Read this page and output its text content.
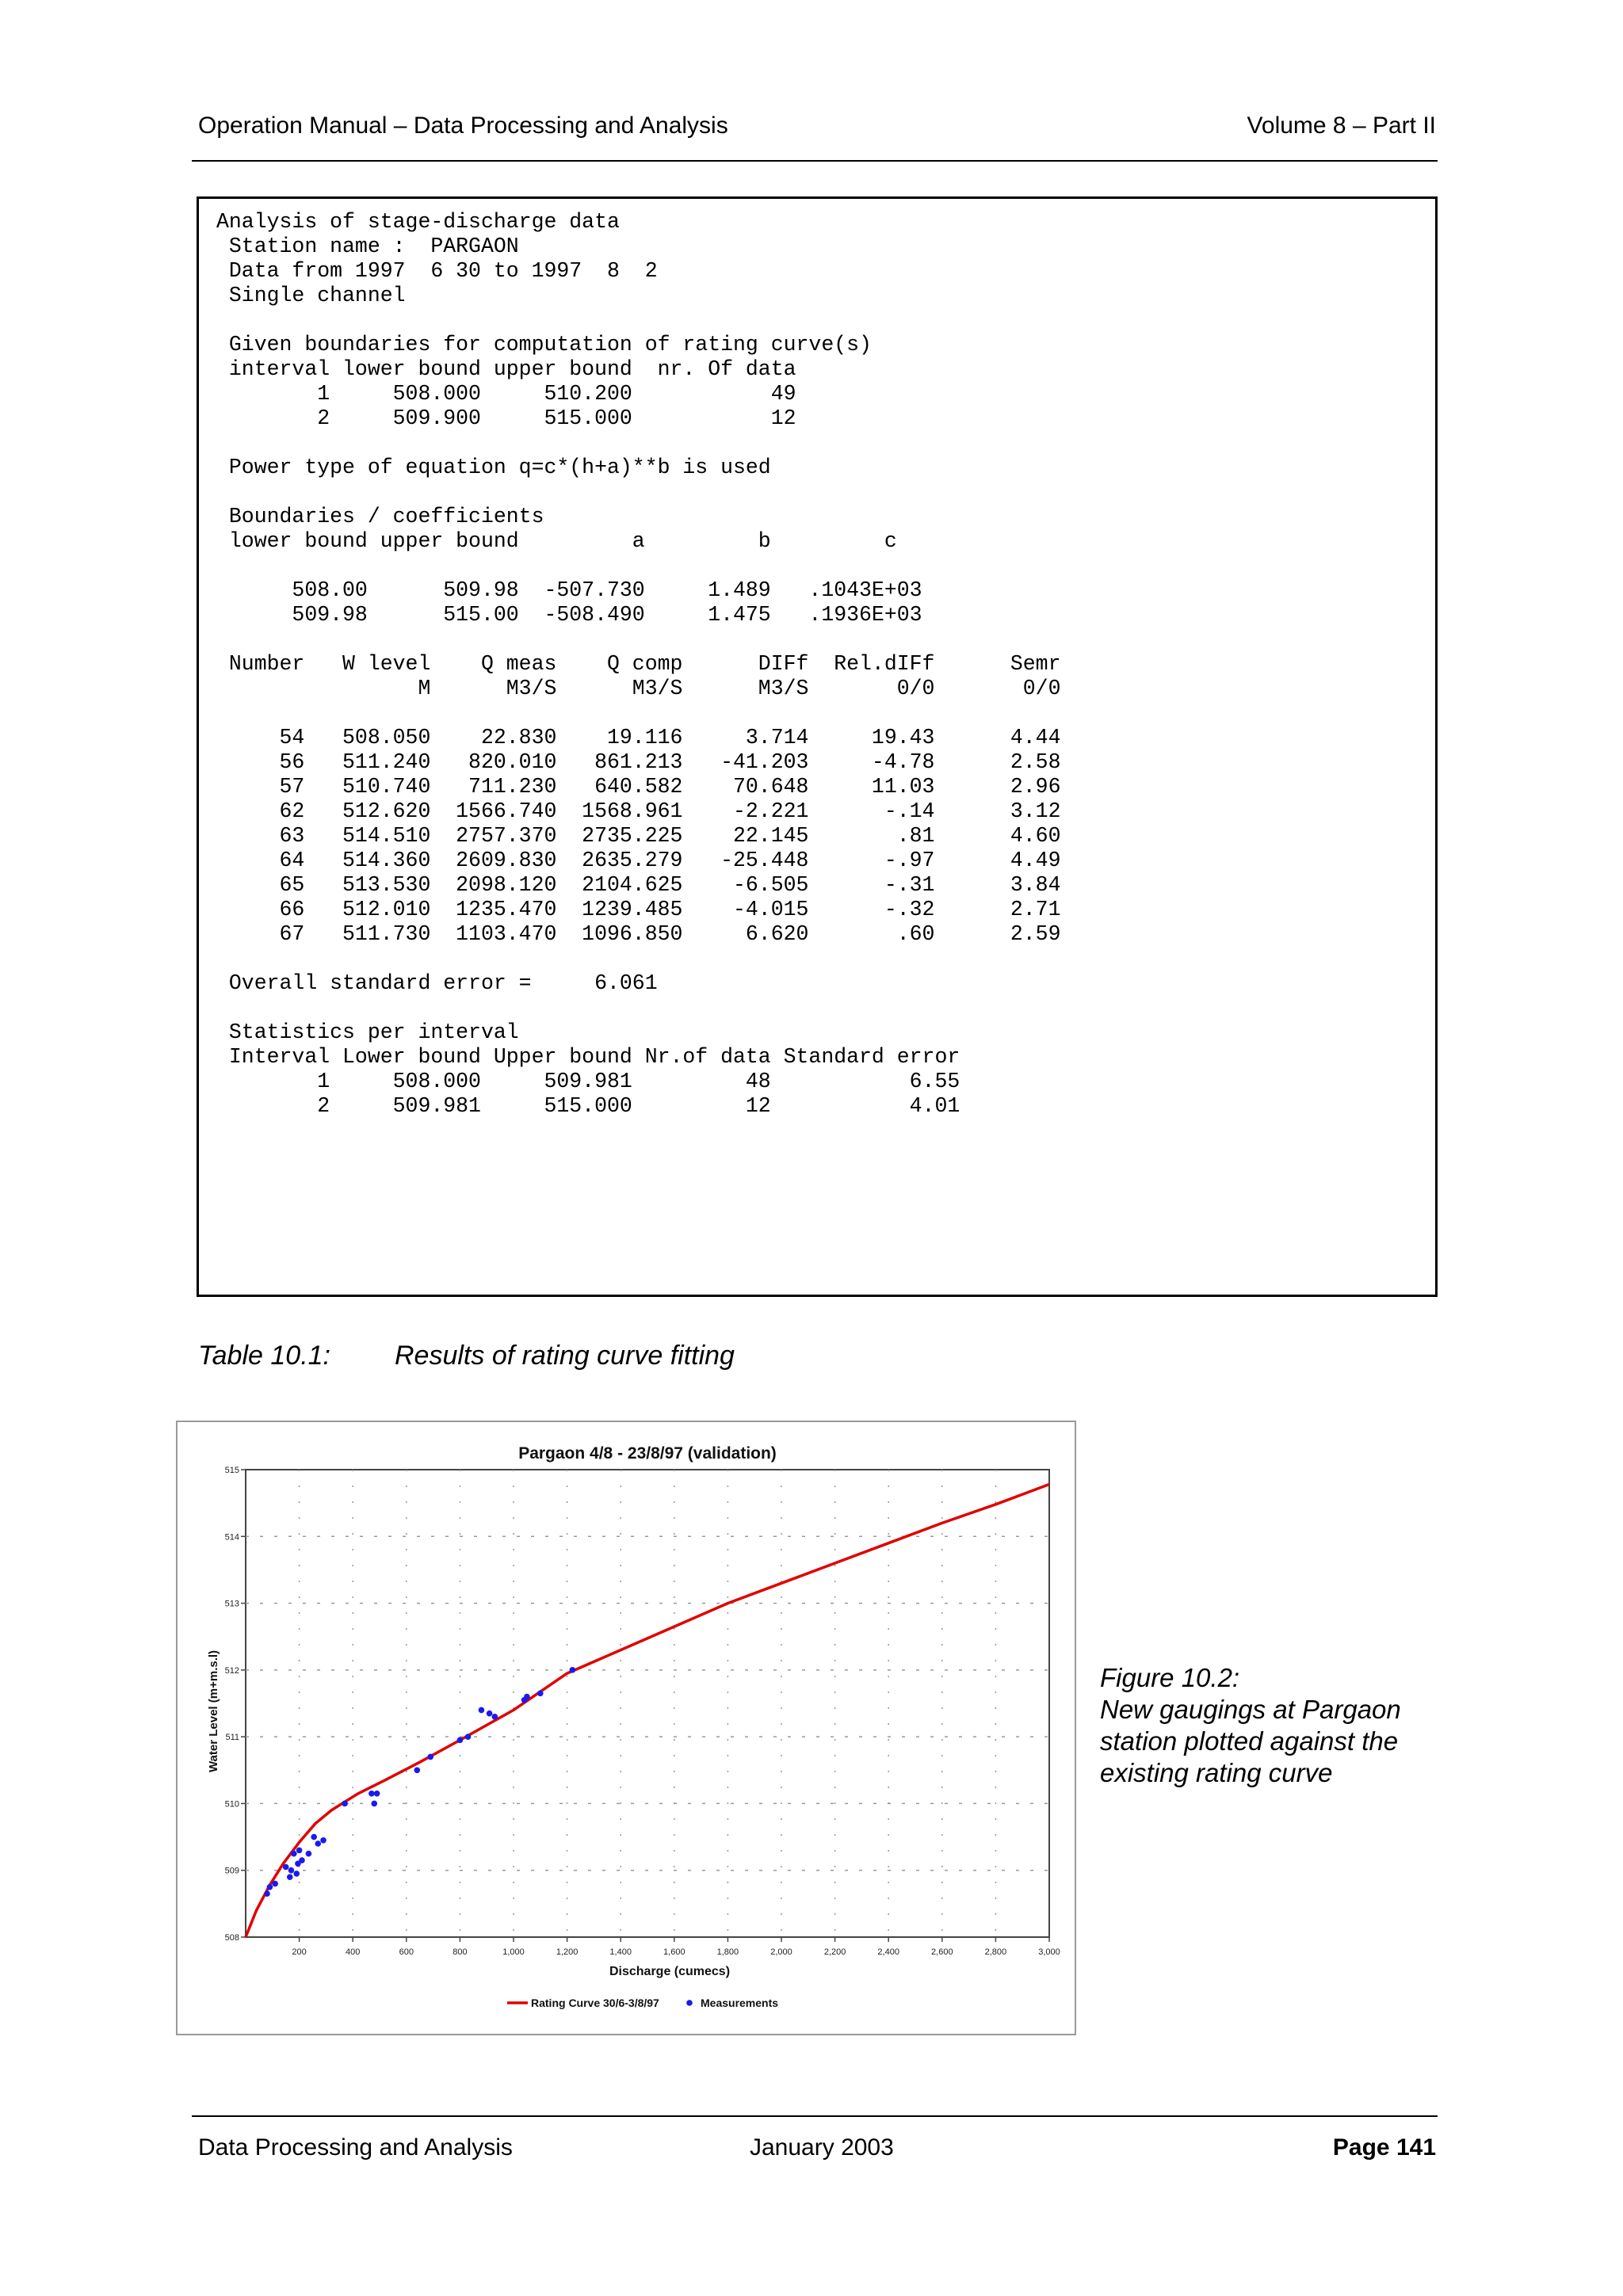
Operation Manual – Data Processing and Analysis	Volume 8 – Part II
Analysis of stage-discharge data
Station name :  PARGAON
Data from 1997  6 30 to 1997  8  2
Single channel

Given boundaries for computation of rating curve(s)
interval lower bound upper bound  nr. Of data
1     508.000     510.200           49
2     509.900     515.000           12

Power type of equation q=c*(h+a)**b is used

Boundaries / coefficients
lower bound upper bound         a         b         c

508.00      509.98  -507.730     1.489   .1043E+03
509.98      515.00  -508.490     1.475   .1936E+03

Number   W level    Q meas    Q comp      DIFf  Rel.dIFf      Semr
M      M3/S      M3/S      M3/S       0/0       0/0

54   508.050    22.830    19.116     3.714     19.43      4.44
56   511.240   820.010   861.213   -41.203     -4.78      2.58
57   510.740   711.230   640.582    70.648     11.03      2.96
62   512.620  1566.740  1568.961    -2.221      -.14      3.12
63   514.510  2757.370  2735.225    22.145       .81      4.60
64   514.360  2609.830  2635.279   -25.448      -.97      4.49
65   513.530  2098.120  2104.625    -6.505      -.31      3.84
66   512.010  1235.470  1239.485    -4.015      -.32      2.71
67   511.730  1103.470  1096.850     6.620       .60      2.59

Overall standard error =     6.061

Statistics per interval
Interval Lower bound Upper bound Nr.of data Standard error
1     508.000     509.981         48           6.55
2     509.981     515.000         12           4.01
Table 10.1: Results of rating curve fitting
200	400	600	800	1,000	1,200	1,400	1,600	1,800	2,000	2,200	2,400	2,600	2,800	3,000
508
509
510
511
512
513
514
515
Pargaon 4/8 - 23/8/97 (validation)
Discharge (cumecs)
Water Level (m+m.s.l)
Rating Curve 30/6-3/8/97	Measurements
Figure 10.2:
New gaugings at Pargaon
station plotted against the
existing rating curve
Data Processing and Analysis	January 2003	Page 141
